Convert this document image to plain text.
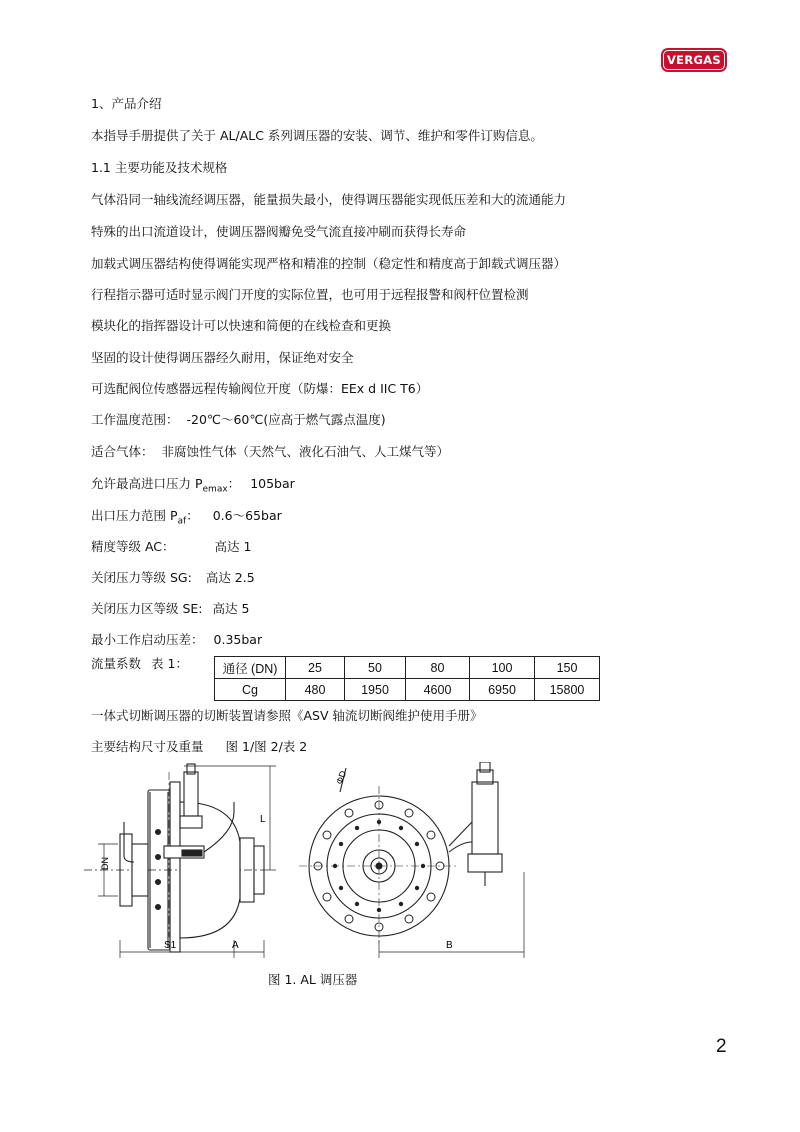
VERGAS
1、产品介绍
本指导手册提供了关于 AL/ALC 系列调压器的安装、调节、维护和零件订购信息。
1.1 主要功能及技术规格
气体沿同一轴线流经调压器，能量损失最小，使得调压器能实现低压差和大的流通能力
特殊的出口流道设计，使调压器阀瓣免受气流直接冲刷而获得长寿命
加载式调压器结构使得调能实现严格和精准的控制（稳定性和精度高于卸载式调压器）
行程指示器可适时显示阀门开度的实际位置，也可用于远程报警和阀杆位置检测
模块化的指挥器设计可以快速和简便的在线检查和更换
坚固的设计使得调压器经久耐用，保证绝对安全
可选配阀位传感器远程传输阀位开度（防爆：EEx d IIC T6）
工作温度范围： -20℃～60℃(应高于燃气露点温度)
适合气体： 非腐蚀性气体（天然气、液化石油气、人工煤气等）
允许最高进口压力 $P_{emax}$： 105bar
出口压力范围 $P_{af}$： 0.6～65bar
精度等级 AC：	高达 1
关闭压力等级 SG: 高达 2.5
关闭压力区等级 SE: 高达 5
最小工作启动压差： 0.35bar
流量系数 表 1：	通径 (DN)	25	50	80	100	150
Cg	480	1950	4600	6950	15800
一体式切断调压器的切断装置请参照《ASV 轴流切断阀维护使用手册》
主要结构尺寸及重量 图 1/图 2/表 2
DN
L
S1	A	B
ΦD
图 1. AL 调压器
2
